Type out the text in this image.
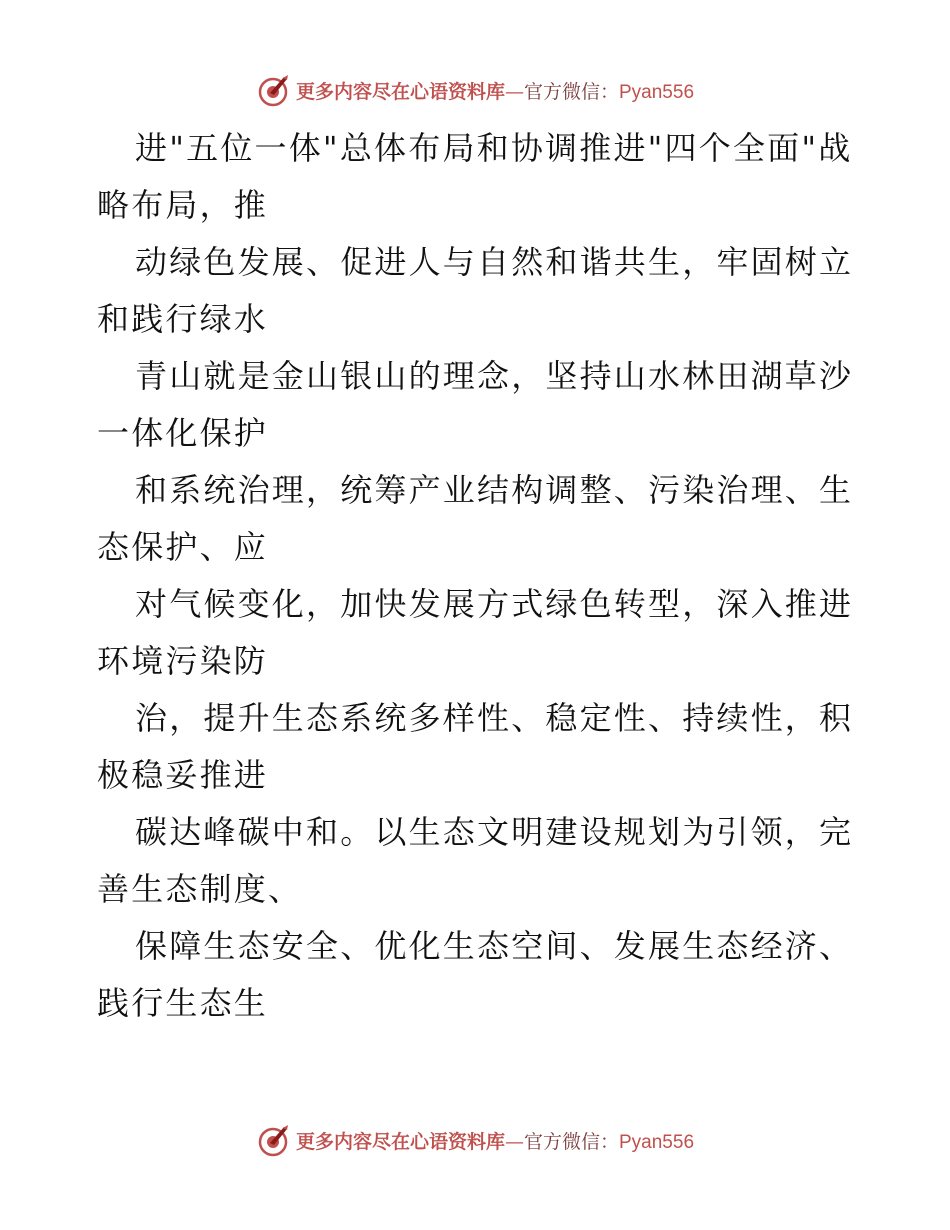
更多内容尽在心语资料库—官方微信：Pyan556

进"五位一体"总体布局和协调推进"四个全面"战略布局，推

动绿色发展、促进人与自然和谐共生，牢固树立和践行绿水

青山就是金山银山的理念，坚持山水林田湖草沙一体化保护

和系统治理，统筹产业结构调整、污染治理、生态保护、应

对气候变化，加快发展方式绿色转型，深入推进环境污染防

治，提升生态系统多样性、稳定性、持续性，积极稳妥推进

碳达峰碳中和。以生态文明建设规划为引领，完善生态制度、

保障生态安全、优化生态空间、发展生态经济、践行生态生

更多内容尽在心语资料库—官方微信：Pyan556
